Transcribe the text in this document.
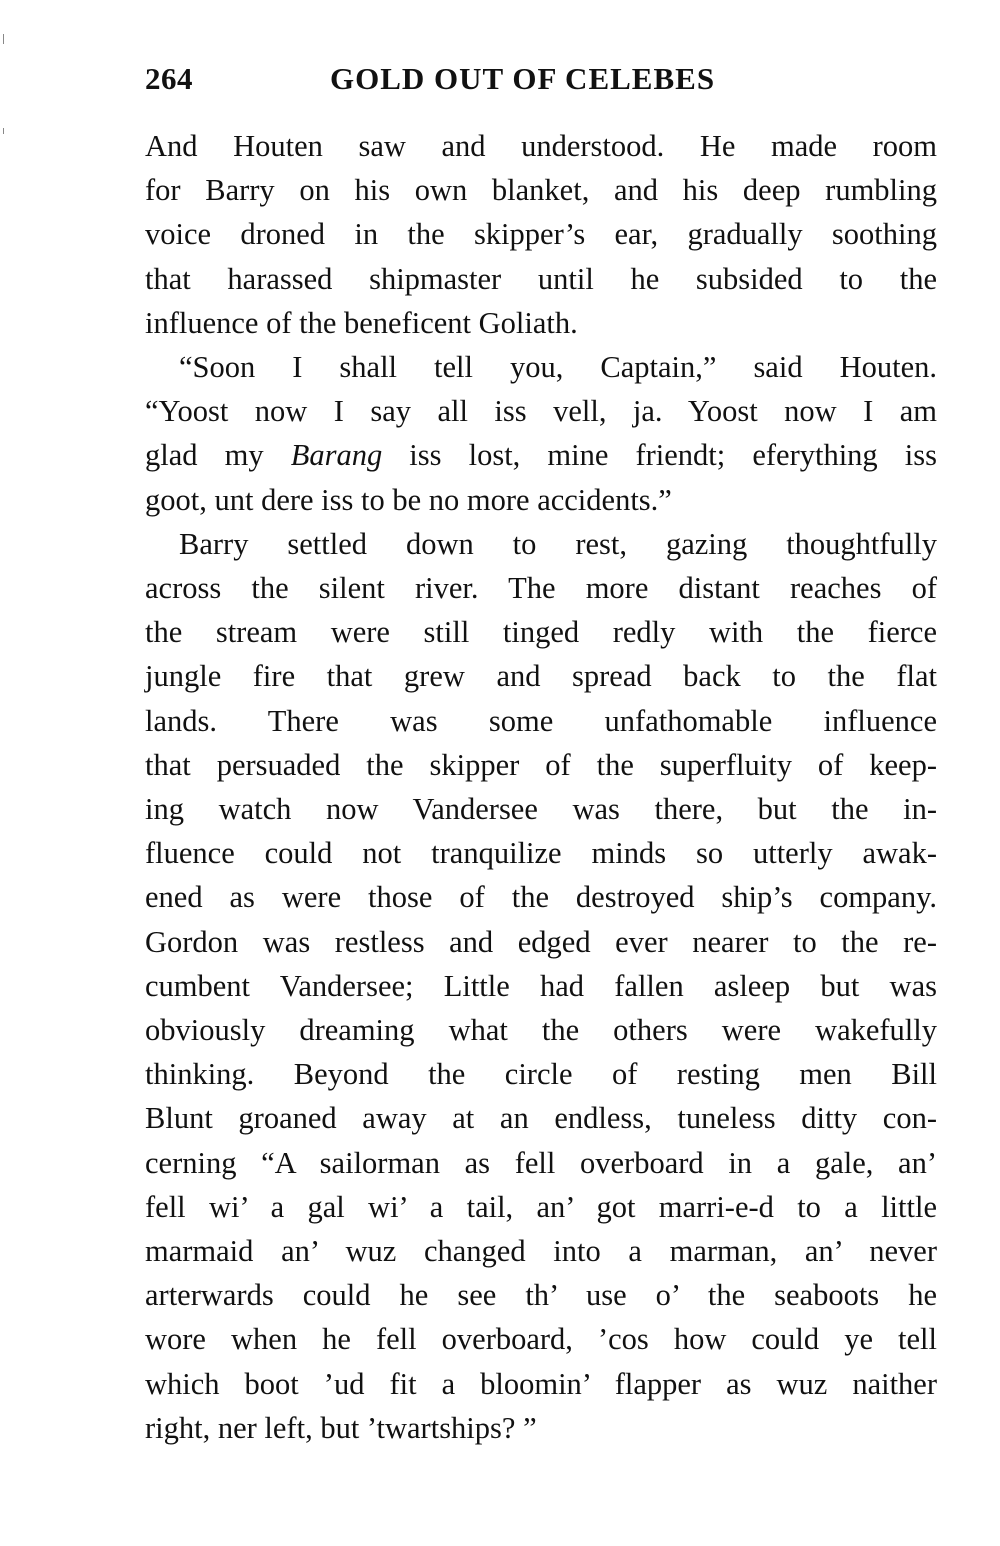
264	GOLD OUT OF CELEBES

And Houten saw and understood. He made room
for Barry on his own blanket, and his deep rumbling
voice droned in the skipper’s ear, gradually soothing
that harassed shipmaster until he subsided to the
influence of the beneficent Goliath.

“Soon I shall tell you, Captain,” said Houten.
“Yoost now I say all iss vell, ja. Yoost now I am
glad my Barang iss lost, mine friendt; eferything iss
goot, unt dere iss to be no more accidents.”

Barry settled down to rest, gazing thoughtfully
across the silent river. The more distant reaches of
the stream were still tinged redly with the fierce
jungle fire that grew and spread back to the flat
lands. There was some unfathomable influence
that persuaded the skipper of the superfluity of keep-
ing watch now Vandersee was there, but the in-
fluence could not tranquilize minds so utterly awak-
ened as were those of the destroyed ship’s company.
Gordon was restless and edged ever nearer to the re-
cumbent Vandersee; Little had fallen asleep but was
obviously dreaming what the others were wakefully
thinking. Beyond the circle of resting men Bill
Blunt groaned away at an endless, tuneless ditty con-
cerning “A sailorman as fell overboard in a gale, an’
fell wi’ a gal wi’ a tail, an’ got marri-e-d to a little
marmaid an’ wuz changed into a marman, an’ never
arterwards could he see th’ use o’ the seaboots he
wore when he fell overboard, ’cos how could ye tell
which boot ’ud fit a bloomin’ flapper as wuz naither
right, ner left, but ’twartships? ”
